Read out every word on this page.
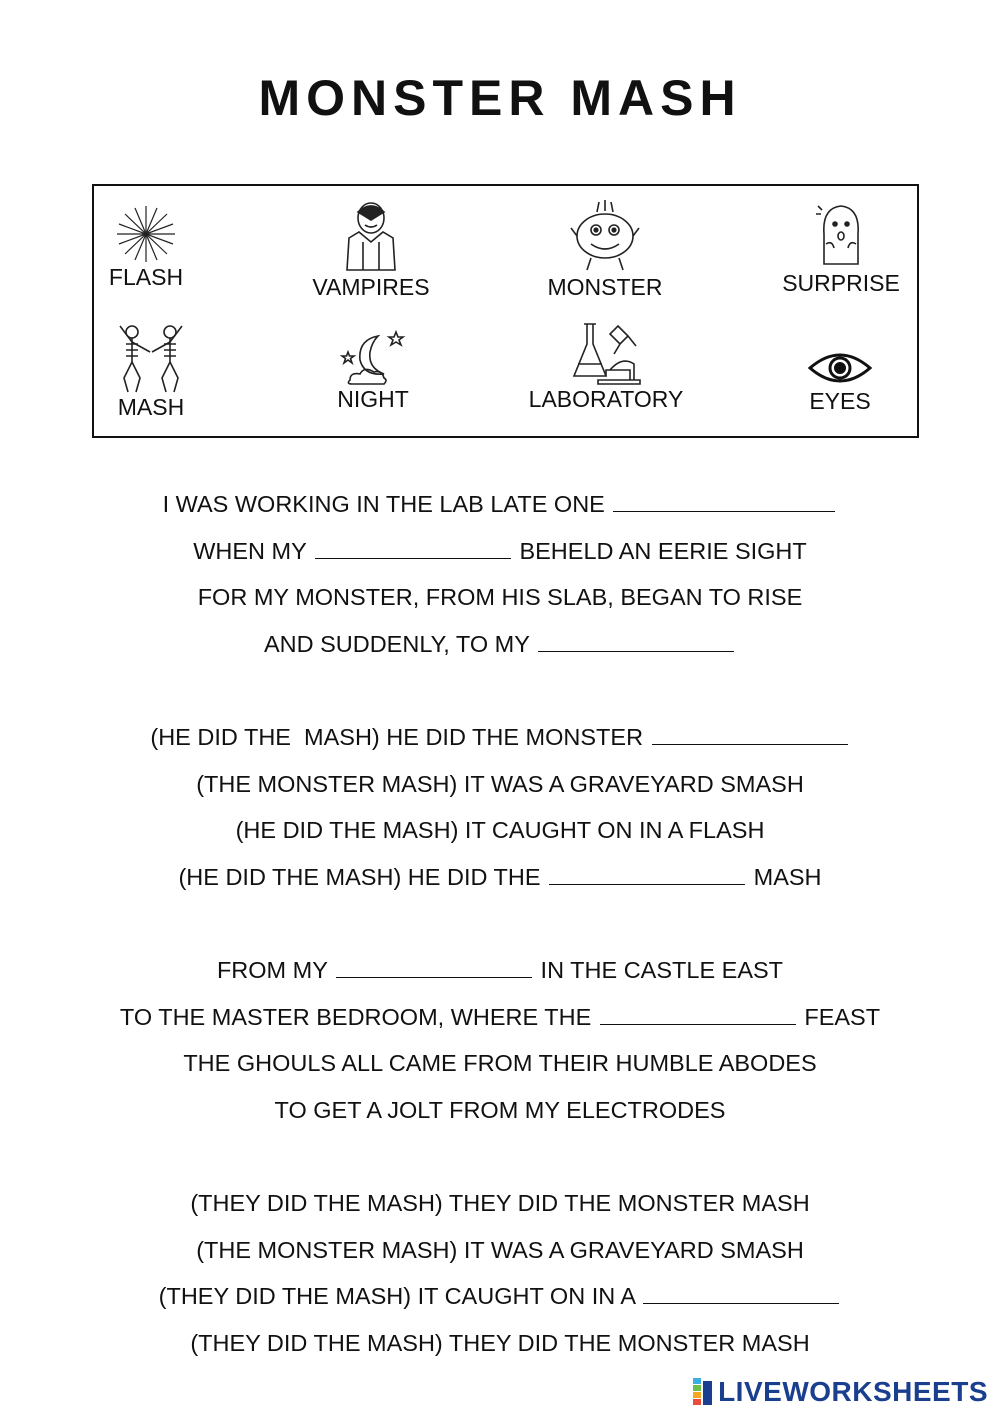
MONSTER MASH
FLASH	VAMPIRES	MONSTER	SURPRISE
MASH	NIGHT	LABORATORY	EYES
I WAS WORKING IN THE LAB LATE ONE
WHEN MY	BEHELD AN EERIE SIGHT
FOR MY MONSTER, FROM HIS SLAB, BEGAN TO RISE
AND SUDDENLY, TO MY
(HE DID THE  MASH) HE DID THE MONSTER
(THE MONSTER MASH) IT WAS A GRAVEYARD SMASH
(HE DID THE MASH) IT CAUGHT ON IN A FLASH
(HE DID THE MASH) HE DID THE	MASH
FROM MY	IN THE CASTLE EAST
TO THE MASTER BEDROOM, WHERE THE	FEAST
THE GHOULS ALL CAME FROM THEIR HUMBLE ABODES
TO GET A JOLT FROM MY ELECTRODES
(THEY DID THE MASH) THEY DID THE MONSTER MASH
(THE MONSTER MASH) IT WAS A GRAVEYARD SMASH
(THEY DID THE MASH) IT CAUGHT ON IN A
(THEY DID THE MASH) THEY DID THE MONSTER MASH
LIVEWORKSHEETS
